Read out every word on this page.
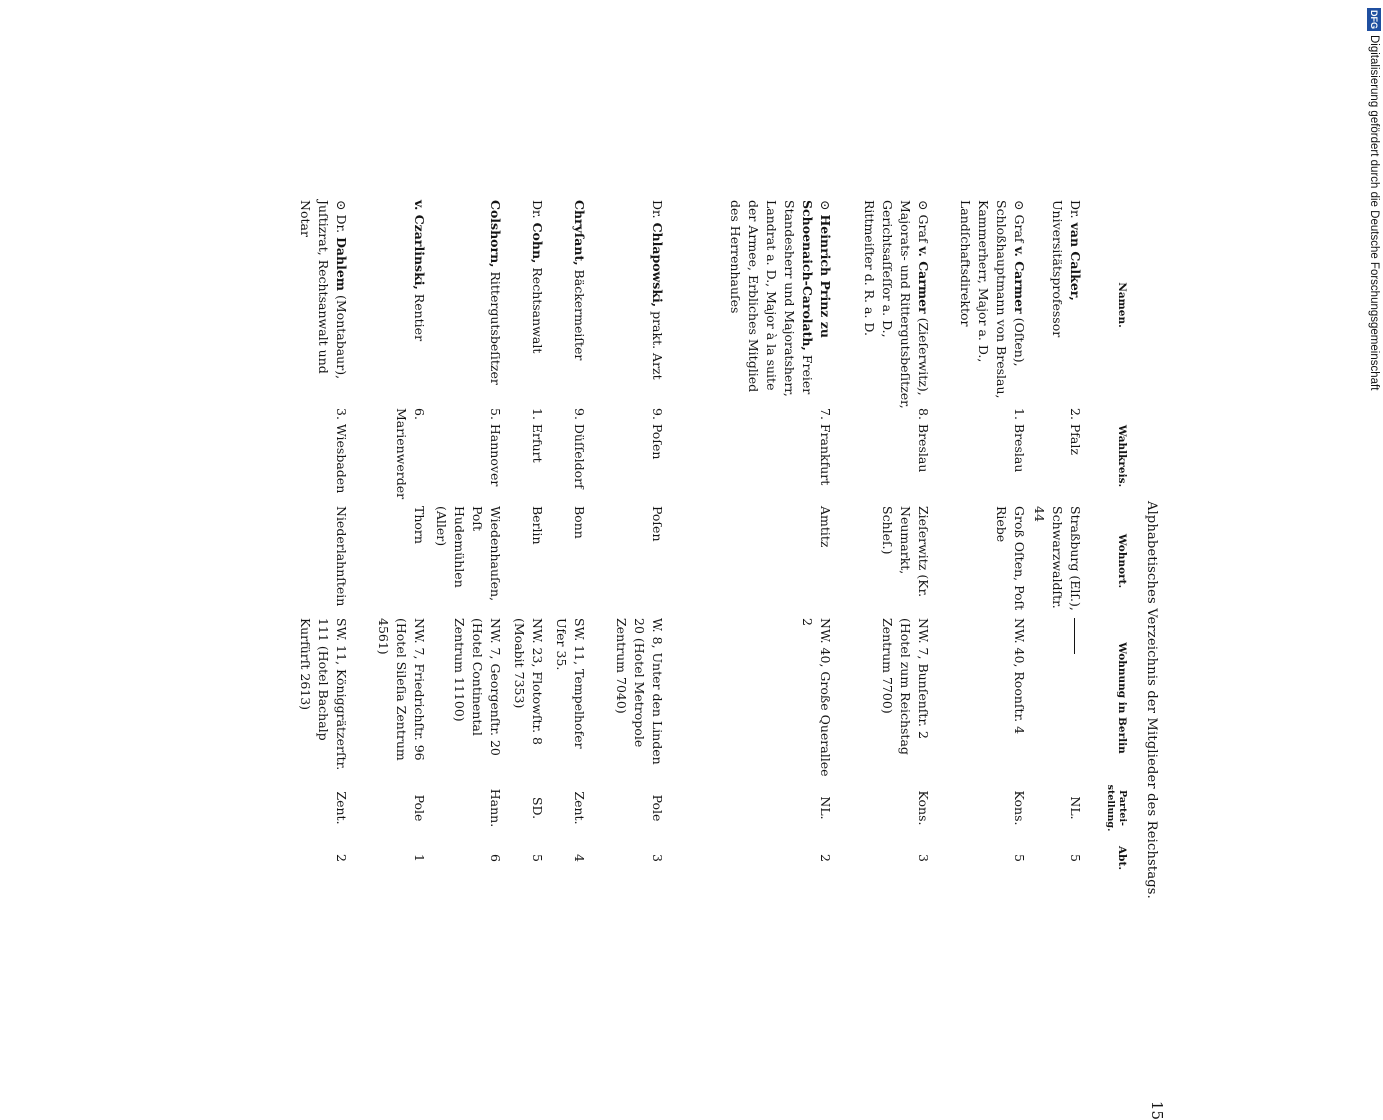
Alphabetisches Verzeichnis der Mitglieder des Reichstags.
15
Namen.
Wahlkreis.
Wohnort.
Wohnung in Berlin
Partei-stellung.
Abt.
Dr. van Calker, Universitätsprofessor
2. Pfalz
Straßburg (Elſ.), Schwarzwaldſtr. 44
NL.
5
⊙Graf v. Carmer (Oſten), Schloßhauptmann von Breslau, Kammerherr, Major a. D., Landſchaftsdirektor
1. Breslau
Groß Oſten, Poſt Riebe
NW. 40, Roonſtr. 4
Kons.
5
⊙Graf v. Carmer (Zieſerwitz), Majorats- und Rittergutsbeſitzer, Gerichtsaſſeſſor a. D., Rittmeiſter d. R. a. D.
8. Breslau
Zieſerwitz (Kr. Neumarkt, Schleſ.)
NW. 7, Bunſenſtr. 2 (Hotel zum Reichstag Zentrum 7700)
Kons.
3
⊙Heinrich Prinz zu Schoenaich-Carolath, Freier Standesherr und Majoratsherr, Landrat a. D., Major à la suite der Armee, Erbliches Mitglied des Herrenhauſes
7. Frankfurt
Amtitz
NW. 40, Große Querallee 2
NL.
2
Dr. Chlapowski, prakt. Arzt
9. Poſen
Poſen
W. 8, Unter den Linden 20 (Hotel Metropole Zentrum 7040)
Pole
3
Chryſant, Bäckermeiſter
9. Düſſeldorf
Bonn
SW. 11, Tempelhofer Ufer 35.
Zent.
4
Dr. Cohn, Rechtsanwalt
1. Erfurt
Berlin
NW. 23, Flotowſtr. 8 (Moabit 7353)
SD.
5
Colshorn, Rittergutsbeſitzer
5. Hannover
Wiedenhauſen, Poſt Hudemühlen (Aller)
NW. 7, Georgenſtr. 20 (Hotel Continental Zentrum 11100)
Hann.
6
v. Czarlinski, Rentier
6. Marienwerder
Thorn
NW. 7, Friedrichſtr. 96 (Hotel Sileſia Zentrum 4561)
Pole
1
⊙Dr. Dahlem (Montabaur), Juſtizrat, Rechtsanwalt und Notar
3. Wiesbaden
Niederlahnſtein
SW. 11, Königgrätzerſtr. 111 (Hotel Bachalp Kurfürſt 2613)
Zent.
2
DFGDigitalisierung gefördert durch die Deutsche Forschungsgemeinschaft
